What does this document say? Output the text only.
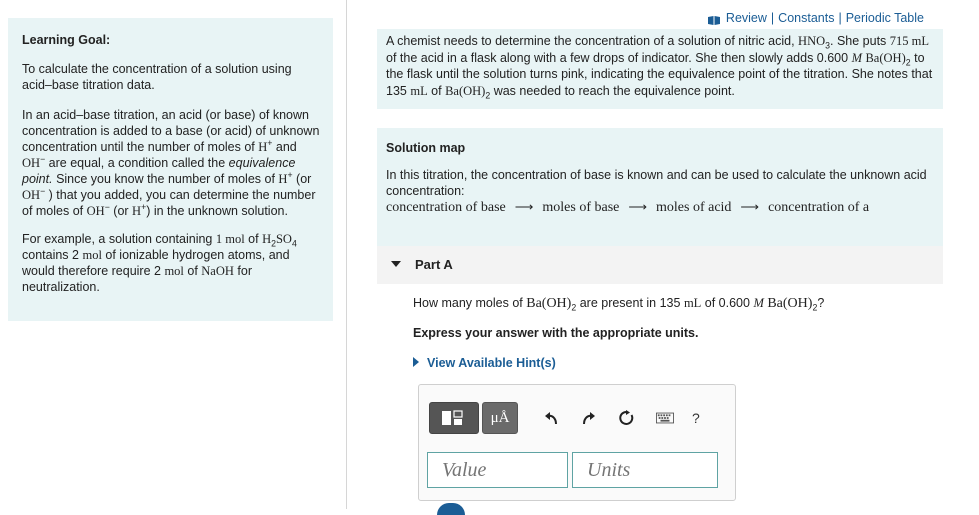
Learning Goal:

To calculate the concentration of a solution using acid–base titration data.

In an acid–base titration, an acid (or base) of known concentration is added to a base (or acid) of unknown concentration until the number of moles of H+ and OH− are equal, a condition called the equivalence point. Since you know the number of moles of H+ (or OH− ) that you added, you can determine the number of moles of OH− (or H+) in the unknown solution.

For example, a solution containing 1 mol of $H_2SO_4$ contains 2 mol of ionizable hydrogen atoms, and would therefore require 2 mol of NaOH for neutralization.

Review | Constants | Periodic Table

A chemist needs to determine the concentration of a solution of nitric acid, $HNO_3$. She puts 715 mL of the acid in a flask along with a few drops of indicator. She then slowly adds 0.600 M $Ba(OH)_2$ to the flask until the solution turns pink, indicating the equivalence point of the titration. She notes that 135 mL of $Ba(OH)_2$ was needed to reach the equivalence point.

Solution map
In this titration, the concentration of base is known and can be used to calculate the unknown acid concentration:
concentration of base ⟶ moles of base ⟶ moles of acid ⟶ concentration of a
Part A
How many moles of $Ba(OH)_2$ are present in 135 mL of 0.600 M $Ba(OH)_2$?
Express your answer with the appropriate units.
View Available Hint(s)
μÅ	?
Value
Units
